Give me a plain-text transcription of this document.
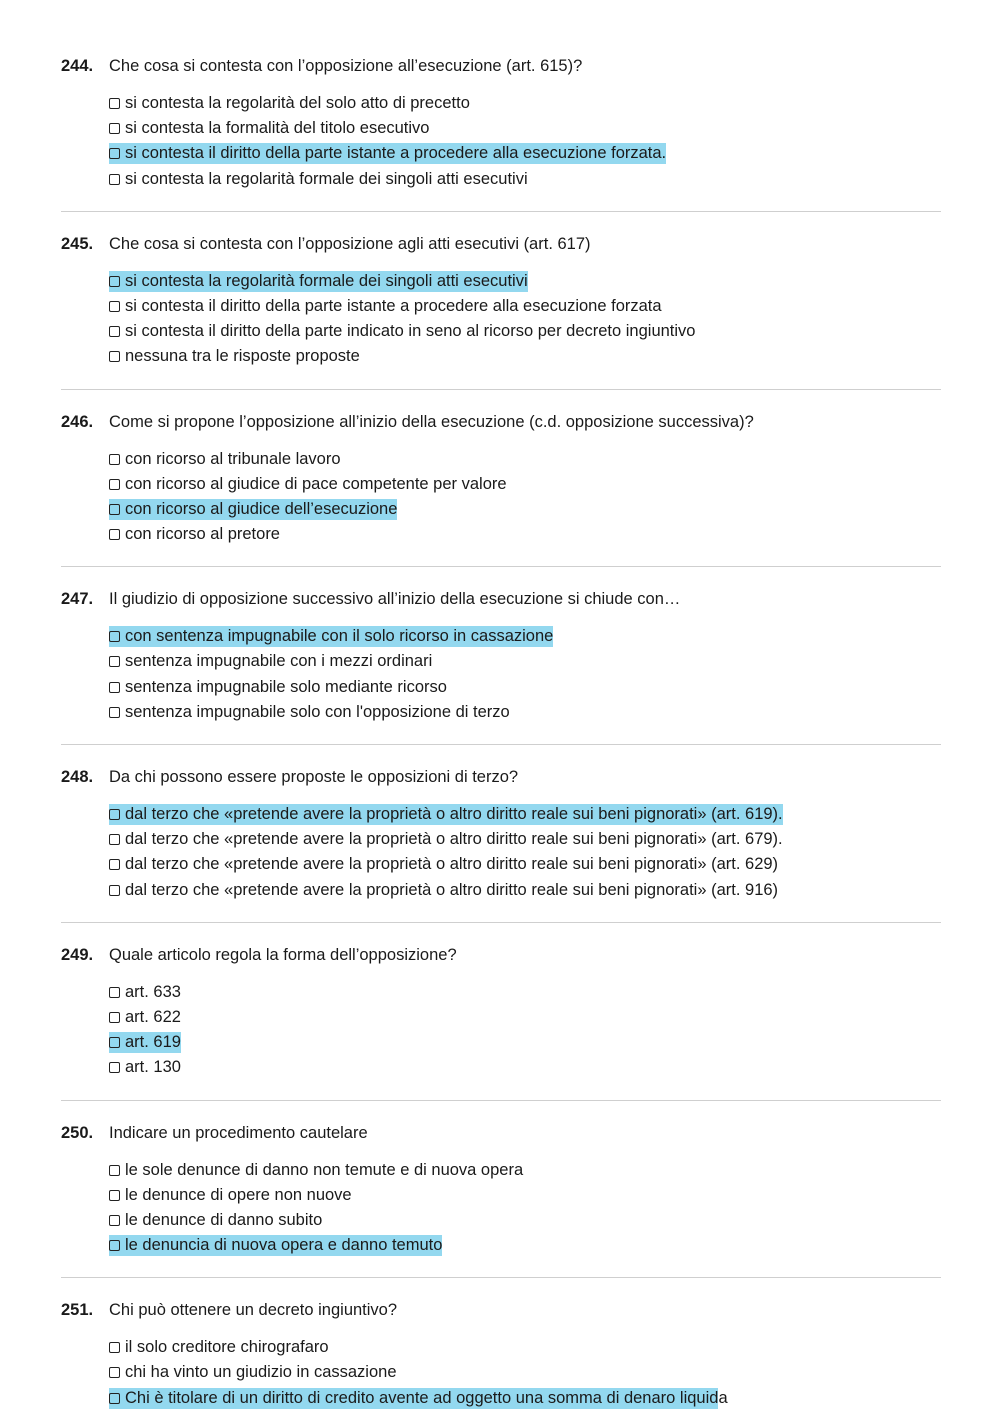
244. Che cosa si contesta con l’opposizione all’esecuzione (art. 615)?
si contesta la regolarità del solo atto di precetto
si contesta la formalità del titolo esecutivo
si contesta il diritto della parte istante a procedere alla esecuzione forzata.
si contesta la regolarità formale dei singoli atti esecutivi
245. Che cosa si contesta con l’opposizione agli atti esecutivi (art. 617)
si contesta la regolarità formale dei singoli atti esecutivi
si contesta il diritto della parte istante a procedere alla esecuzione forzata
si contesta il diritto della parte indicato in seno al ricorso per decreto ingiuntivo
nessuna tra le risposte proposte
246. Come si propone l’opposizione all’inizio della esecuzione (c.d. opposizione successiva)?
con ricorso al tribunale lavoro
con ricorso al giudice di pace competente per valore
con ricorso al giudice dell’esecuzione
con ricorso al pretore
247. Il giudizio di opposizione successivo all’inizio della esecuzione si chiude con…
con sentenza impugnabile con il solo ricorso in cassazione
sentenza impugnabile con i mezzi ordinari
sentenza impugnabile solo mediante ricorso
sentenza impugnabile solo con l'opposizione di terzo
248. Da chi possono essere proposte le opposizioni di terzo?
dal terzo che «pretende avere la proprietà o altro diritto reale sui beni pignorati» (art. 619).
dal terzo che «pretende avere la proprietà o altro diritto reale sui beni pignorati» (art. 679).
dal terzo che «pretende avere la proprietà o altro diritto reale sui beni pignorati» (art. 629)
dal terzo che «pretende avere la proprietà o altro diritto reale sui beni pignorati» (art. 916)
249. Quale articolo regola la forma dell’opposizione?
art. 633
art. 622
art. 619
art. 130
250. Indicare un procedimento cautelare
le sole denunce di danno non temute e di nuova opera
le denunce di opere non nuove
le denunce di danno subito
le denuncia di nuova opera e danno temuto
251. Chi può ottenere un decreto ingiuntivo?
il solo creditore chirografaro
chi ha vinto un giudizio in cassazione
Chi è titolare di un diritto di credito avente ad oggetto una somma di denaro liquida
